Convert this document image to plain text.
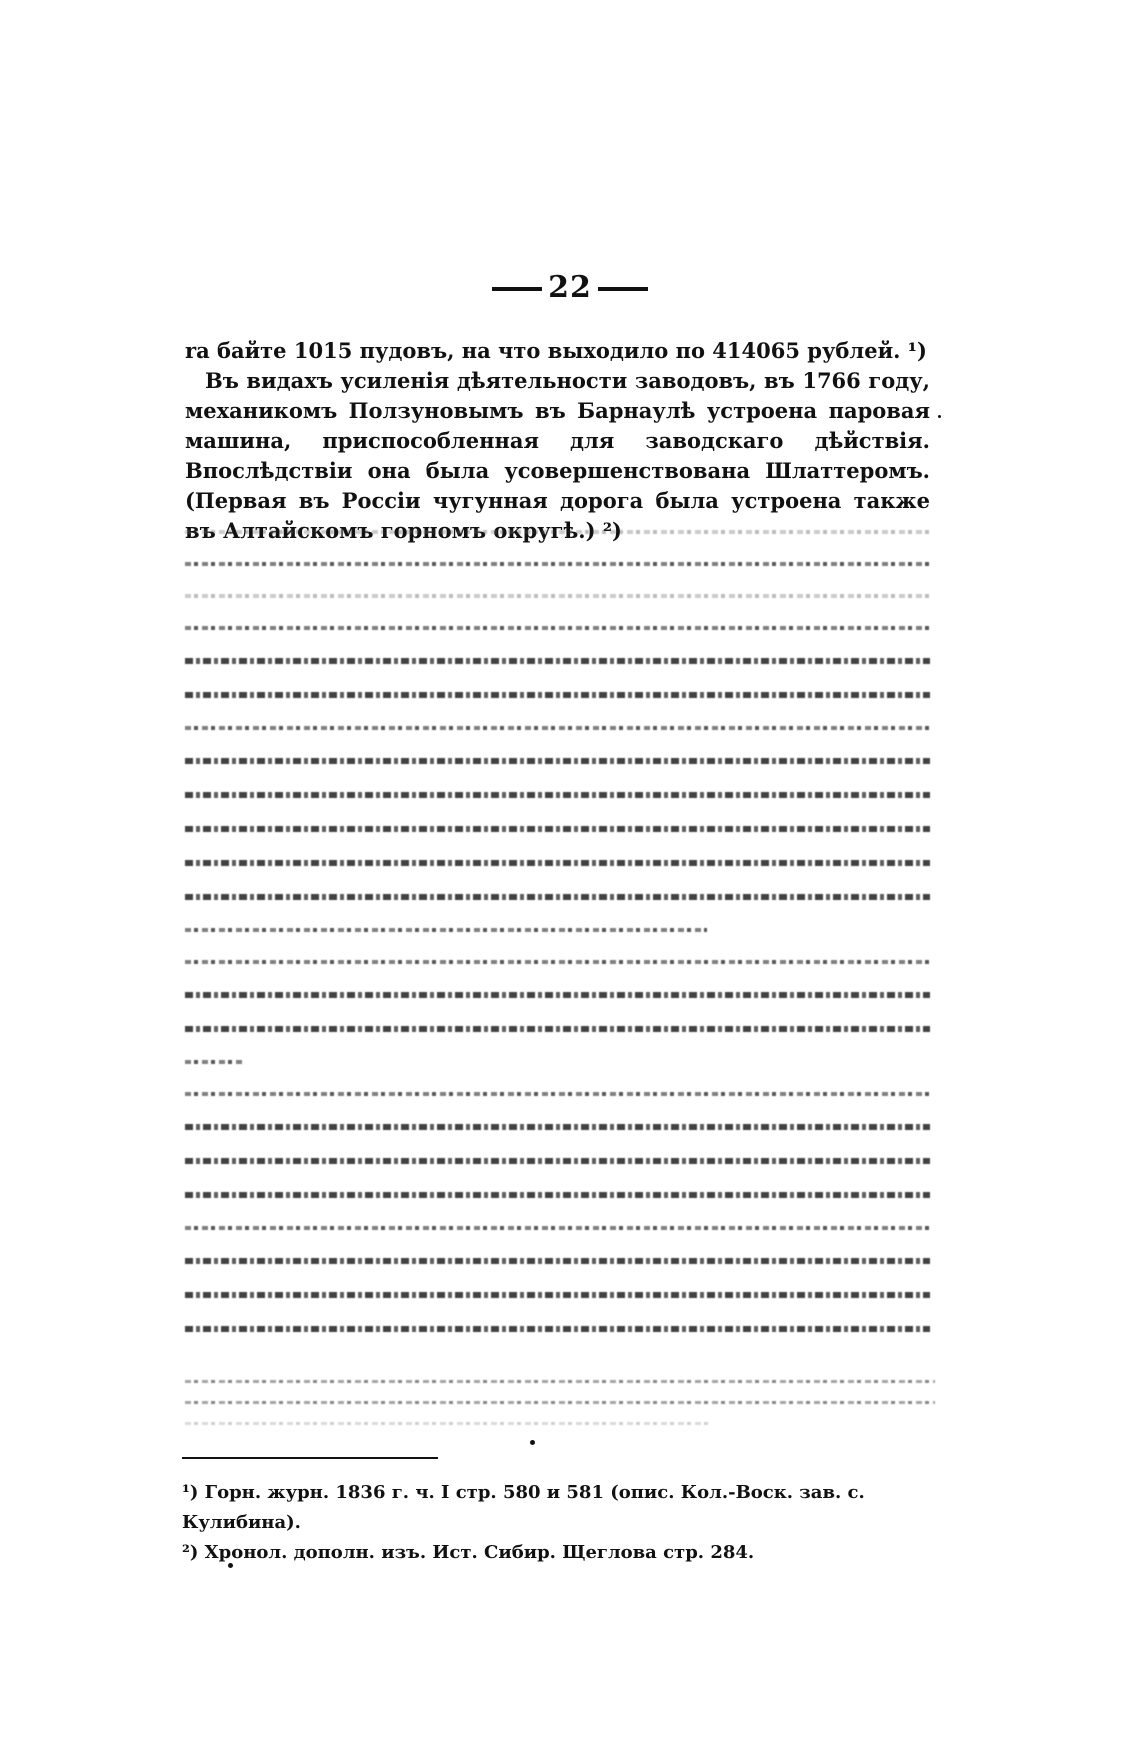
22

ra байте 1015 пудовъ, на что выходило по 414065 рублей. ¹)

Въ видахъ усиленія дѣятельности заводовъ, въ 1766 году, механикомъ Ползуновымъ въ Барнаулѣ устроена паровая машина, приспособленная для заводскаго дѣйствія. Впослѣдствіи она была усовершенствована Шлаттеромъ. (Первая въ Россіи чугунная дорога была устроена также въ Алтайскомъ горномъ округѣ.) ²)

¹) Горн. журн. 1836 г. ч. I стр. 580 и 581 (опис. Кол.-Воск. зав. с. Кулибина).

²) Хронол. дополн. изъ. Ист. Сибир. Щеглова стр. 284.
